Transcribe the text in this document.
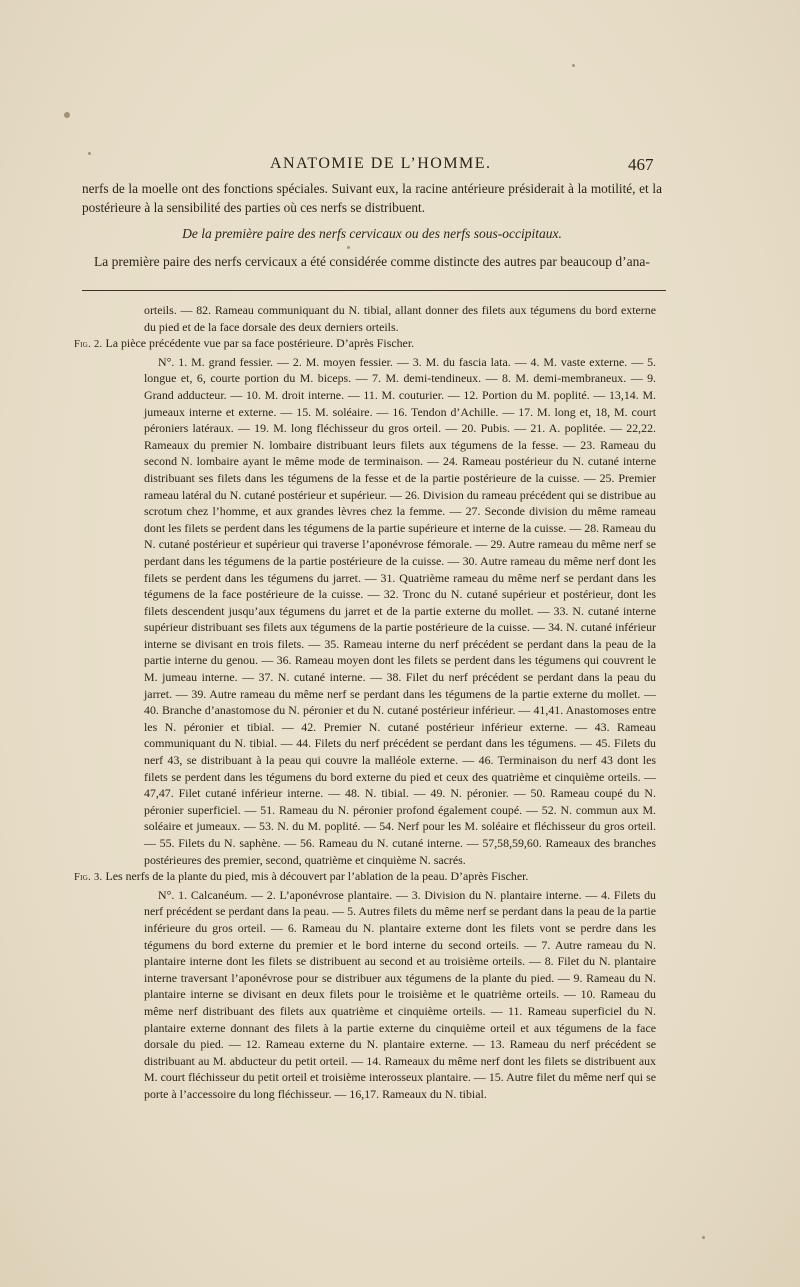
ANATOMIE DE L’HOMME.	467

nerfs de la moelle ont des fonctions spéciales. Suivant eux, la racine antérieure présiderait à la motilité, et la postérieure à la sensibilité des parties où ces nerfs se distribuent.

De la première paire des nerfs cervicaux ou des nerfs sous-occipitaux.
La première paire des nerfs cervicaux a été considérée comme distincte des autres par beaucoup d’ana-

orteils. — 82. Rameau communiquant du N. tibial, allant donner des filets aux tégumens du bord externe du pied et de la face dorsale des deux derniers orteils.

Fig. 2. La pièce précédente vue par sa face postérieure. D’après Fischer.

N°. 1. M. grand fessier. — 2. M. moyen fessier. — 3. M. du fascia lata. — 4. M. vaste externe. — 5. longue et, 6, courte portion du M. biceps. — 7. M. demi-tendineux. — 8. M. demi-membraneux. — 9. Grand adducteur. — 10. M. droit interne. — 11. M. couturier. — 12. Portion du M. poplité. — 13,14. M. jumeaux interne et externe. — 15. M. soléaire. — 16. Tendon d’Achille. — 17. M. long et, 18, M. court péroniers latéraux. — 19. M. long fléchisseur du gros orteil. — 20. Pubis. — 21. A. poplitée. — 22,22. Rameaux du premier N. lombaire distribuant leurs filets aux tégumens de la fesse. — 23. Rameau du second N. lombaire ayant le même mode de terminaison. — 24. Rameau postérieur du N. cutané interne distribuant ses filets dans les tégumens de la fesse et de la partie postérieure de la cuisse. — 25. Premier rameau latéral du N. cutané postérieur et supérieur. — 26. Division du rameau précédent qui se distribue au scrotum chez l’homme, et aux grandes lèvres chez la femme. — 27. Seconde division du même rameau dont les filets se perdent dans les tégumens de la partie supérieure et interne de la cuisse. — 28. Rameau du N. cutané postérieur et supérieur qui traverse l’aponévrose fémorale. — 29. Autre rameau du même nerf se perdant dans les tégumens de la partie postérieure de la cuisse. — 30. Autre rameau du même nerf dont les filets se perdent dans les tégumens du jarret. — 31. Quatrième rameau du même nerf se perdant dans les tégumens de la face postérieure de la cuisse. — 32. Tronc du N. cutané supérieur et postérieur, dont les filets descendent jusqu’aux tégumens du jarret et de la partie externe du mollet. — 33. N. cutané interne supérieur distribuant ses filets aux tégumens de la partie postérieure de la cuisse. — 34. N. cutané inférieur interne se divisant en trois filets. — 35. Rameau interne du nerf précédent se perdant dans la peau de la partie interne du genou. — 36. Rameau moyen dont les filets se perdent dans les tégumens qui couvrent le M. jumeau interne. — 37. N. cutané interne. — 38. Filet du nerf précédent se perdant dans la peau du jarret. — 39. Autre rameau du même nerf se perdant dans les tégumens de la partie externe du mollet. — 40. Branche d’anastomose du N. péronier et du N. cutané postérieur inférieur. — 41,41. Anastomoses entre les N. péronier et tibial. — 42. Premier N. cutané postérieur inférieur externe. — 43. Rameau communiquant du N. tibial. — 44. Filets du nerf précédent se perdant dans les tégumens. — 45. Filets du nerf 43, se distribuant à la peau qui couvre la malléole externe. — 46. Terminaison du nerf 43 dont les filets se perdent dans les tégumens du bord externe du pied et ceux des quatrième et cinquième orteils. — 47,47. Filet cutané inférieur interne. — 48. N. tibial. — 49. N. péronier. — 50. Rameau coupé du N. péronier superficiel. — 51. Rameau du N. péronier profond également coupé. — 52. N. commun aux M. soléaire et jumeaux. — 53. N. du M. poplité. — 54. Nerf pour les M. soléaire et fléchisseur du gros orteil. — 55. Filets du N. saphène. — 56. Rameau du N. cutané interne. — 57,58,59,60. Rameaux des branches postérieures des premier, second, quatrième et cinquième N. sacrés.

Fig. 3. Les nerfs de la plante du pied, mis à découvert par l’ablation de la peau. D’après Fischer.

N°. 1. Calcanéum. — 2. L’aponévrose plantaire. — 3. Division du N. plantaire interne. — 4. Filets du nerf précédent se perdant dans la peau. — 5. Autres filets du même nerf se perdant dans la peau de la partie inférieure du gros orteil. — 6. Rameau du N. plantaire externe dont les filets vont se perdre dans les tégumens du bord externe du premier et le bord interne du second orteils. — 7. Autre rameau du N. plantaire interne dont les filets se distribuent au second et au troisième orteils. — 8. Filet du N. plantaire interne traversant l’aponévrose pour se distribuer aux tégumens de la plante du pied. — 9. Rameau du N. plantaire interne se divisant en deux filets pour le troisième et le quatrième orteils. — 10. Rameau du même nerf distribuant des filets aux quatrième et cinquième orteils. — 11. Rameau superficiel du N. plantaire externe donnant des filets à la partie externe du cinquième orteil et aux tégumens de la face dorsale du pied. — 12. Rameau externe du N. plantaire externe. — 13. Rameau du nerf précédent se distribuant au M. abducteur du petit orteil. — 14. Rameaux du même nerf dont les filets se distribuent aux M. court fléchisseur du petit orteil et troisième interosseux plantaire. — 15. Autre filet du même nerf qui se porte à l’accessoire du long fléchisseur. — 16,17. Rameaux du N. tibial.
